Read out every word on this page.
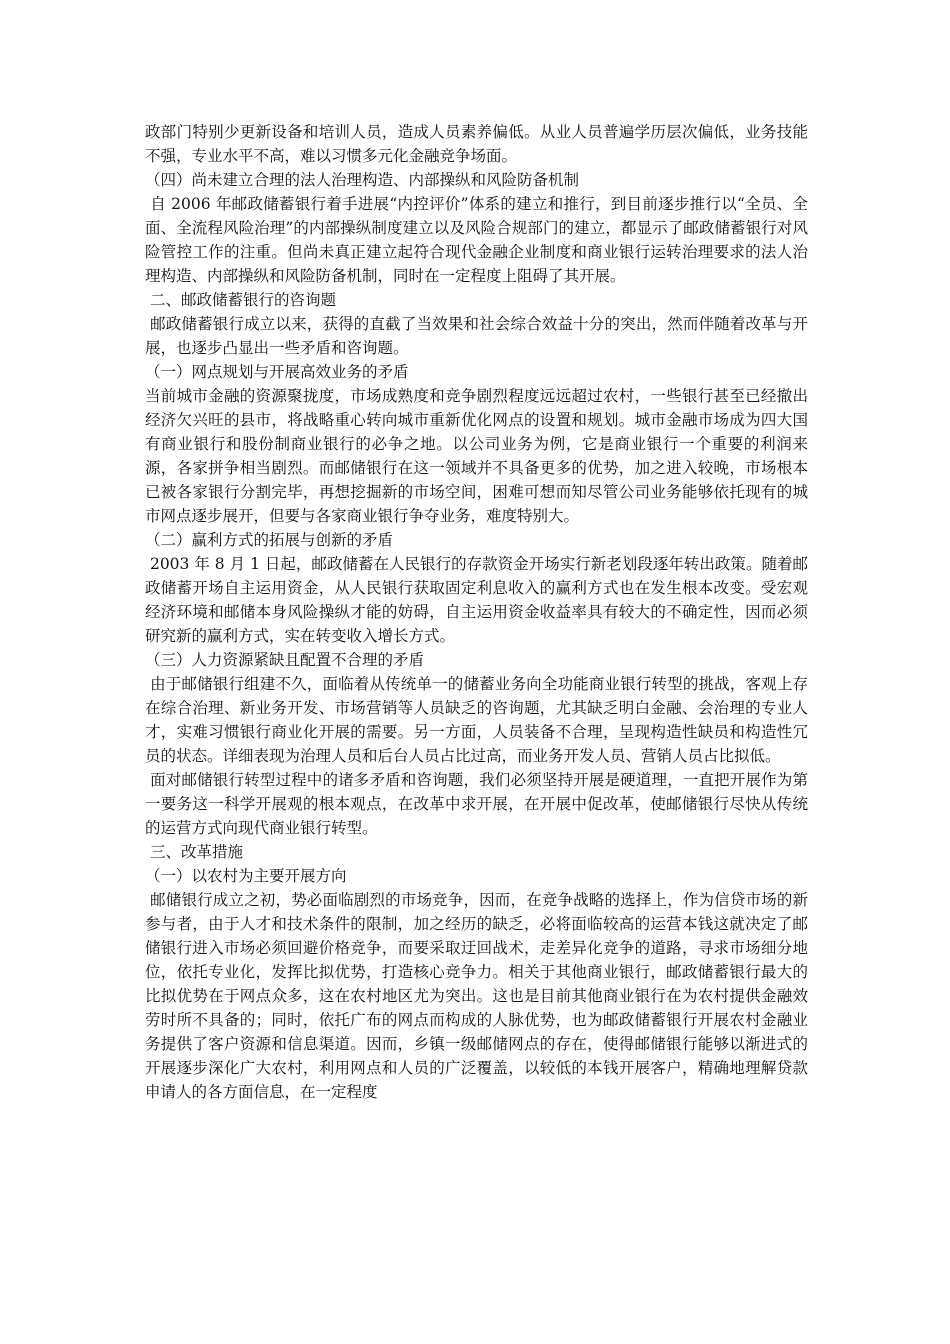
政部门特别少更新设备和培训人员，造成人员素养偏低。从业人员普遍学历层次偏低，业务技能不强，专业水平不高，难以习惯多元化金融竞争场面。

（四）尚未建立合理的法人治理构造、内部操纵和风险防备机制

自 2006 年邮政储蓄银行着手进展“内控评价”体系的建立和推行，到目前逐步推行以“全员、全面、全流程风险治理”的内部操纵制度建立以及风险合规部门的建立，都显示了邮政储蓄银行对风险管控工作的注重。但尚未真正建立起符合现代金融企业制度和商业银行运转治理要求的法人治理构造、内部操纵和风险防备机制，同时在一定程度上阻碍了其开展。

二、邮政储蓄银行的咨询题

邮政储蓄银行成立以来，获得的直截了当效果和社会综合效益十分的突出，然而伴随着改革与开展，也逐步凸显出一些矛盾和咨询题。

（一）网点规划与开展高效业务的矛盾

当前城市金融的资源聚拢度，市场成熟度和竞争剧烈程度远远超过农村，一些银行甚至已经撤出经济欠兴旺的县市，将战略重心转向城市重新优化网点的设置和规划。城市金融市场成为四大国有商业银行和股份制商业银行的必争之地。以公司业务为例，它是商业银行一个重要的利润来源，各家拼争相当剧烈。而邮储银行在这一领域并不具备更多的优势，加之进入较晚，市场根本已被各家银行分割完毕，再想挖掘新的市场空间，困难可想而知尽管公司业务能够依托现有的城市网点逐步展开，但要与各家商业银行争夺业务，难度特别大。

（二）赢利方式的拓展与创新的矛盾

2003 年 8 月 1 日起，邮政储蓄在人民银行的存款资金开场实行新老划段逐年转出政策。随着邮政储蓄开场自主运用资金，从人民银行获取固定利息收入的赢利方式也在发生根本改变。受宏观经济环境和邮储本身风险操纵才能的妨碍，自主运用资金收益率具有较大的不确定性，因而必须研究新的赢利方式，实在转变收入增长方式。

（三）人力资源紧缺且配置不合理的矛盾

由于邮储银行组建不久，面临着从传统单一的储蓄业务向全功能商业银行转型的挑战，客观上存在综合治理、新业务开发、市场营销等人员缺乏的咨询题，尤其缺乏明白金融、会治理的专业人才，实难习惯银行商业化开展的需要。另一方面，人员装备不合理，呈现构造性缺员和构造性冗员的状态。详细表现为治理人员和后台人员占比过高，而业务开发人员、营销人员占比拟低。

面对邮储银行转型过程中的诸多矛盾和咨询题，我们必须坚持开展是硬道理，一直把开展作为第一要务这一科学开展观的根本观点，在改革中求开展，在开展中促改革，使邮储银行尽快从传统的运营方式向现代商业银行转型。

三、改革措施

（一）以农村为主要开展方向

邮储银行成立之初，势必面临剧烈的市场竞争，因而，在竞争战略的选择上，作为信贷市场的新参与者，由于人才和技术条件的限制，加之经历的缺乏，必将面临较高的运营本钱这就决定了邮储银行进入市场必须回避价格竞争，而要采取迂回战术，走差异化竞争的道路，寻求市场细分地位，依托专业化，发挥比拟优势，打造核心竞争力。相关于其他商业银行，邮政储蓄银行最大的比拟优势在于网点众多，这在农村地区尤为突出。这也是目前其他商业银行在为农村提供金融效劳时所不具备的；同时，依托广布的网点而构成的人脉优势，也为邮政储蓄银行开展农村金融业务提供了客户资源和信息渠道。因而，乡镇一级邮储网点的存在，使得邮储银行能够以渐进式的开展逐步深化广大农村，利用网点和人员的广泛覆盖，以较低的本钱开展客户，精确地理解贷款申请人的各方面信息，在一定程度
